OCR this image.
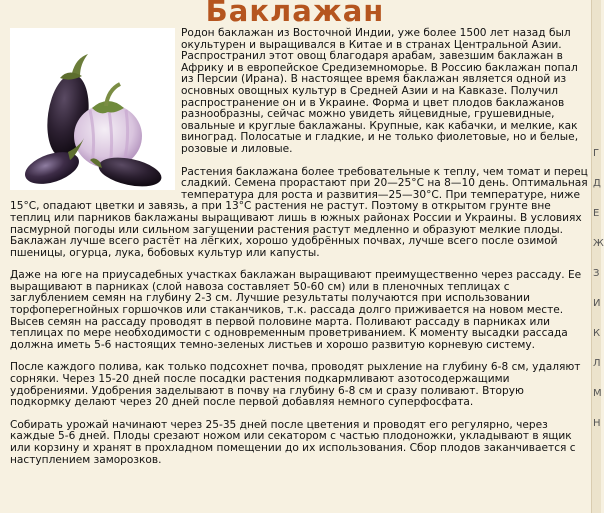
Баклажан

Родон баклажан из Восточной Индии, уже более 1500 лет назад был окультурен и выращивался в Китае и в странах Центральной Азии. Распространил этот овощ благодаря арабам, завезшим баклажан в Африку и в европейское Средиземноморье. В Россию баклажан попал из Персии (Ирана). В настоящее время баклажан является одной из основных овощных культур в Средней Азии и на Кавказе. Получил распространение он и в Украине. Форма и цвет плодов баклажанов разнообразны, сейчас можно увидеть яйцевидные, грушевидные, овальные и круглые баклажаны. Крупные, как кабачки, и мелкие, как виноград. Полосатые и гладкие, и не только фиолетовые, но и белые, розовые и лиловые.

Растения баклажана более требовательные к теплу, чем томат и перец сладкий. Семена прорастают при 20—25°С на 8—10 день. Оптимальная температура для роста и развития—25—30°С. При температуре, ниже 15°С, опадают цветки и завязь, а при 13°С растения не растут. Поэтому в открытом грунте вне теплиц или парников баклажаны выращивают лишь в южных районах России и Украины. В условиях пасмурной погоды или сильном загущении растения растут медленно и образуют мелкие плоды. Баклажан лучше всего растёт на лёгких, хорошо удобрённых почвах, лучше всего после озимой пшеницы, огурца, лука, бобовых культур или капусты.

Даже на юге на приусадебных участках баклажан выращивают преимущественно через рассаду. Ее выращивают в парниках (слой навоза составляет 50-60 см) или в пленочных теплицах с заглублением семян на глубину 2-3 см. Лучшие результаты получаются при использовании торфоперегнойных горшочков или стаканчиков, т.к. рассада долго приживается на новом месте. Высев семян на рассаду проводят в первой половине марта. Поливают рассаду в парниках или теплицах по мере необходимости с одновременным проветриванием. К моменту высадки рассада должна иметь 5-6 настоящих темно-зеленых листьев и хорошо развитую корневую систему.

После каждого полива, как только подсохнет почва, проводят рыхление на глубину 6-8 см, удаляют сорняки. Через 15-20 дней после посадки растения подкармливают азотосодержащими удобрениями. Удобрения заделывают в почву на глубину 6-8 см и сразу поливают. Вторую подкормку делают через 20 дней после первой добавляя немного суперфосфата.

Собирать урожай начинают через 25-35 дней после цветения и проводят его регулярно, через каждые 5-6 дней. Плоды срезают ножом или секатором с частью плодоножки, укладывают в ящик или корзину и хранят в прохладном помещении до их использования. Сбор плодов заканчивается с наступлением заморозков.

Г
Д
Е
Ж
З
И
К
Л
М
Н
